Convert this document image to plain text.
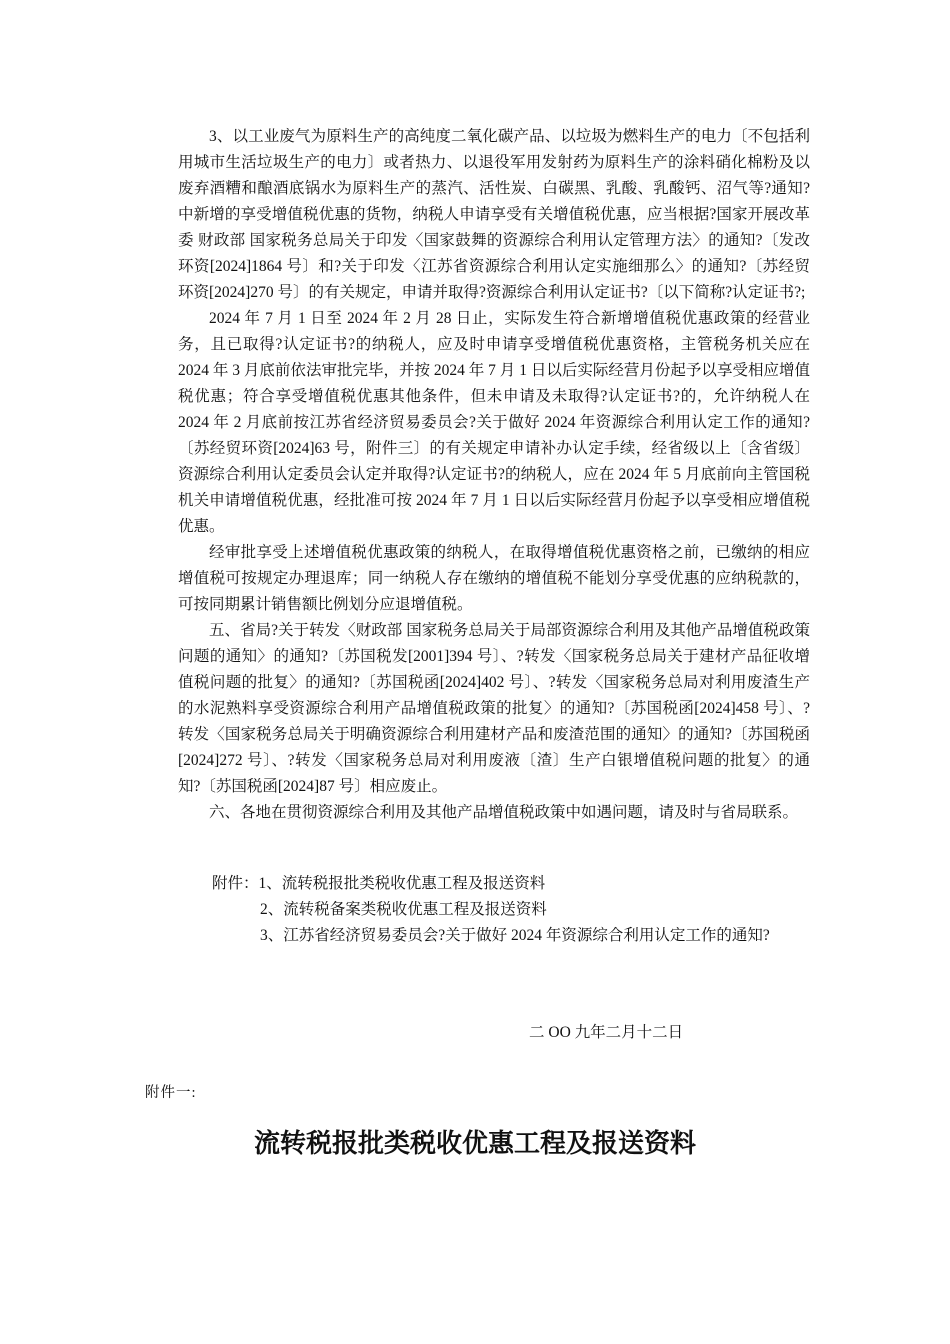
3、以工业废气为原料生产的高纯度二氧化碳产品、以垃圾为燃料生产的电力〔不包括利用城市生活垃圾生产的电力〕或者热力、以退役军用发射药为原料生产的涂料硝化棉粉及以废弃酒糟和酿酒底锅水为原料生产的蒸汽、活性炭、白碳黑、乳酸、乳酸钙、沼气等?通知?中新增的享受增值税优惠的货物，纳税人申请享受有关增值税优惠，应当根据?国家开展改革委 财政部 国家税务总局关于印发〈国家鼓舞的资源综合利用认定管理方法〉的通知?〔发改环资[2024]1864 号〕和?关于印发〈江苏省资源综合利用认定实施细那么〉的通知?〔苏经贸环资[2024]270 号〕的有关规定，申请并取得?资源综合利用认定证书?〔以下简称?认定证书?;

2024 年 7 月 1 日至 2024 年 2 月 28 日止，实际发生符合新增增值税优惠政策的经营业务，且已取得?认定证书?的纳税人，应及时申请享受增值税优惠资格，主管税务机关应在 2024 年 3 月底前依法审批完毕，并按 2024 年 7 月 1 日以后实际经营月份起予以享受相应增值税优惠；符合享受增值税优惠其他条件，但未申请及未取得?认定证书?的，允许纳税人在 2024 年 2 月底前按江苏省经济贸易委员会?关于做好 2024 年资源综合利用认定工作的通知?〔苏经贸环资[2024]63 号，附件三〕的有关规定申请补办认定手续，经省级以上〔含省级〕资源综合利用认定委员会认定并取得?认定证书?的纳税人，应在 2024 年 5 月底前向主管国税机关申请增值税优惠，经批准可按 2024 年 7 月 1 日以后实际经营月份起予以享受相应增值税优惠。

经审批享受上述增值税优惠政策的纳税人，在取得增值税优惠资格之前，已缴纳的相应增值税可按规定办理退库；同一纳税人存在缴纳的增值税不能划分享受优惠的应纳税款的，可按同期累计销售额比例划分应退增值税。

五、省局?关于转发〈财政部 国家税务总局关于局部资源综合利用及其他产品增值税政策问题的通知〉的通知?〔苏国税发[2001]394 号〕、?转发〈国家税务总局关于建材产品征收增值税问题的批复〉的通知?〔苏国税函[2024]402 号〕、?转发〈国家税务总局对利用废渣生产的水泥熟料享受资源综合利用产品增值税政策的批复〉的通知?〔苏国税函[2024]458 号〕、?转发〈国家税务总局关于明确资源综合利用建材产品和废渣范围的通知〉的通知?〔苏国税函[2024]272 号〕、?转发〈国家税务总局对利用废液〔渣〕生产白银增值税问题的批复〉的通知?〔苏国税函[2024]87 号〕相应废止。

六、各地在贯彻资源综合利用及其他产品增值税政策中如遇问题，请及时与省局联系。

附件：1、流转税报批类税收优惠工程及报送资料
2、流转税备案类税收优惠工程及报送资料
3、江苏省经济贸易委员会?关于做好 2024 年资源综合利用认定工作的通知?
二 OO 九年二月十二日
附件一:
流转税报批类税收优惠工程及报送资料
